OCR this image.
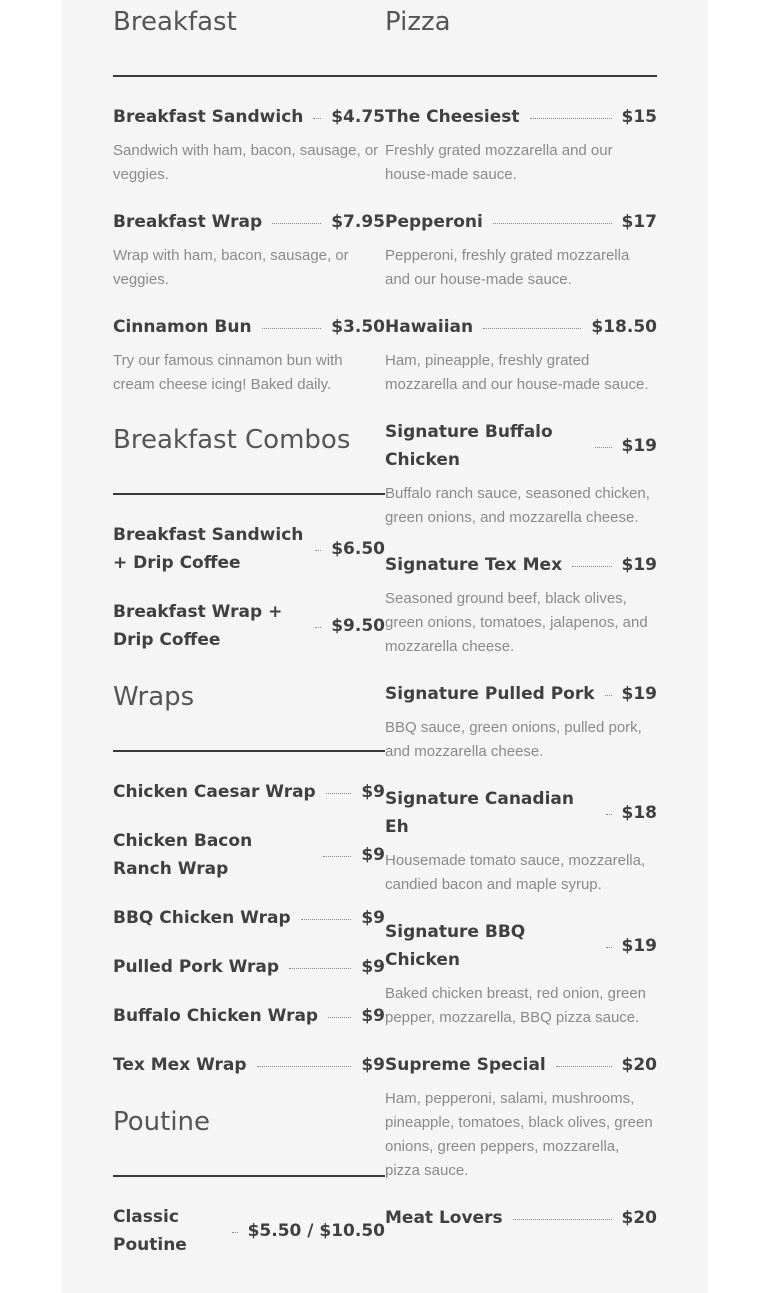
Breakfast
Breakfast Sandwich $4.75
Sandwich with ham, bacon, sausage, or veggies.
Breakfast Wrap	$7.95
Wrap with ham, bacon, sausage, or veggies.
Cinnamon Bun	$3.50
Try our famous cinnamon bun with cream cheese icing! Baked daily.
Breakfast Combos
Breakfast Sandwich + Drip Coffee
$6.50
Breakfast Wrap + Drip Coffee
$9.50
Wraps
Chicken Caesar Wrap	$9
Chicken Bacon Ranch Wrap
$9
BBQ Chicken Wrap	$9
Pulled Pork Wrap	$9
Buffalo Chicken Wrap	$9
Tex Mex Wrap	$9
Poutine
Classic Poutine
$5.50 / $10.50
Pizza
The Cheesiest	$15
Freshly grated mozzarella and our house-made sauce.
Pepperoni	$17
Pepperoni, freshly grated mozzarella and our house-made sauce.
Hawaiian	$18.50
Ham, pineapple, freshly grated mozzarella and our house-made sauce.
Signature Buffalo Chicken
$19
Buffalo ranch sauce, seasoned chicken, green onions, and mozzarella cheese.
Signature Tex Mex	$19
Seasoned ground beef, black olives, green onions, tomatoes, jalapenos, and mozzarella cheese.
Signature Pulled Pork $19
BBQ sauce, green onions, pulled pork, and mozzarella cheese.
Signature Canadian Eh
$18
Housemade tomato sauce, mozzarella, candied bacon and maple syrup.
Signature BBQ Chicken
$19
Baked chicken breast, red onion, green pepper, mozzarella, BBQ pizza sauce.
Supreme Special	$20
Ham, pepperoni, salami, mushrooms, pineapple, tomatoes, black olives, green onions, green peppers, mozzarella, pizza sauce.
Meat Lovers	$20
